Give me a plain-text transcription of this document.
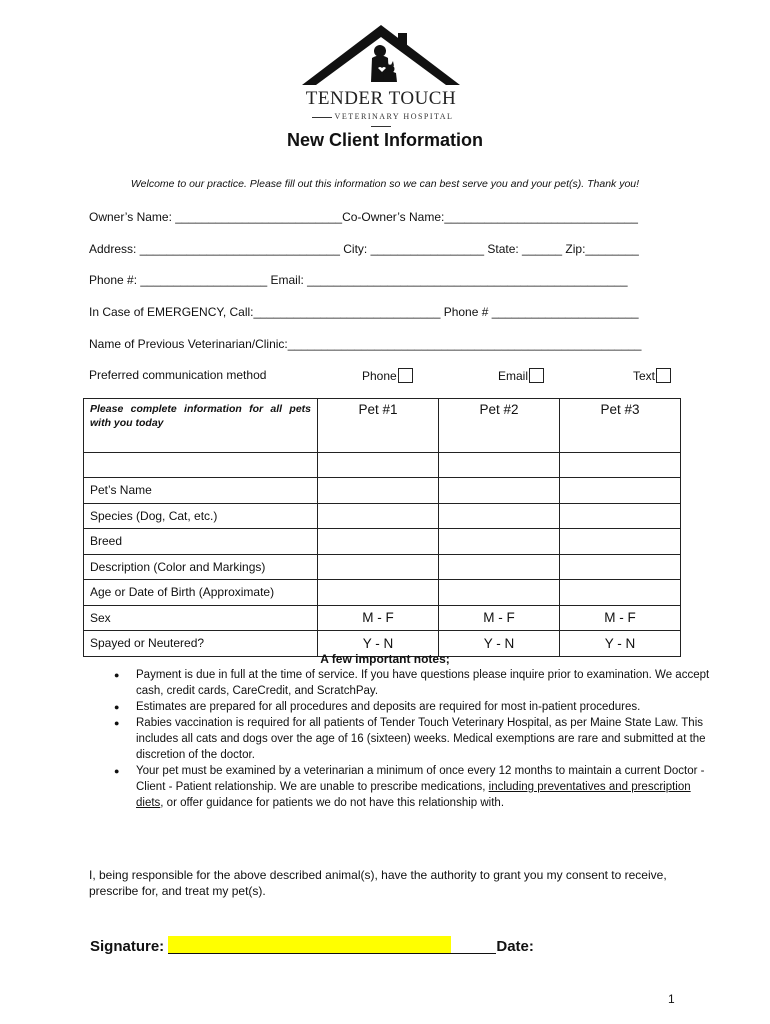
TENDER TOUCH
VETERINARY HOSPITAL
New Client Information
Welcome to our practice. Please fill out this information so we can best serve you and your pet(s). Thank you!
Owner’s Name: _________________________Co-Owner’s Name:_____________________________
Address: ______________________________ City: _________________ State: ______ Zip:________
Phone #: ___________________ Email: ________________________________________________
In Case of EMERGENCY, Call:____________________________ Phone # ______________________
Name of Previous Veterinarian/Clinic:_____________________________________________________
Preferred communication method	Phone	Email	Text
Please complete information for all pets with you today	Pet #1	Pet #2	Pet #3

Pet’s Name			
Species (Dog, Cat, etc.)			
Breed			
Description (Color and Markings)			
Age or Date of Birth (Approximate)			
Sex	M - F	M - F	M - F
Spayed or Neutered?	Y - N	Y - N	Y - N
A few important notes;
● Payment is due in full at the time of service. If you have questions please inquire prior to examination. We accept cash, credit cards, CareCredit, and ScratchPay.
● Estimates are prepared for all procedures and deposits are required for most in-patient procedures.
● Rabies vaccination is required for all patients of Tender Touch Veterinary Hospital, as per Maine State Law. This includes all cats and dogs over the age of 16 (sixteen) weeks. Medical exemptions are rare and submitted at the discretion of the doctor.
● Your pet must be examined by a veterinarian a minimum of once every 12 months to maintain a current Doctor - Client - Patient relationship. We are unable to prescribe medications, including preventatives and prescription diets, or offer guidance for patients we do not have this relationship with.
I, being responsible for the above described animal(s), have the authority to grant you my consent to receive, prescribe for, and treat my pet(s).
Signature:	Date:
1
